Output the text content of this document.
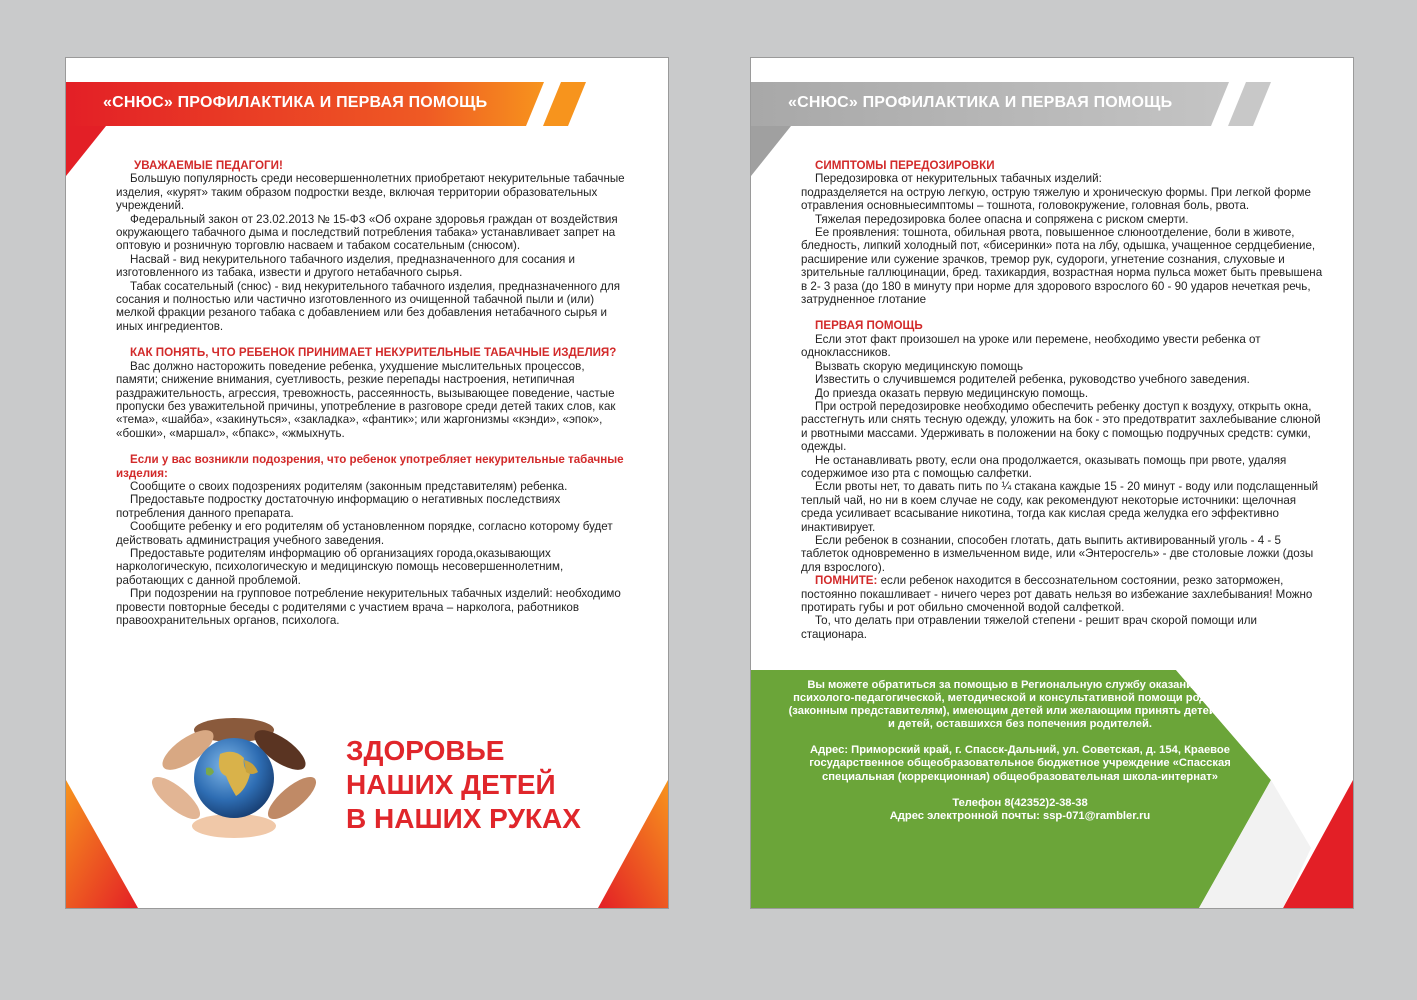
«СНЮС» ПРОФИЛАКТИКА И ПЕРВАЯ ПОМОЩЬ

УВАЖАЕМЫЕ ПЕДАГОГИ!

Большую популярность среди несовершеннолетних приобретают некурительные табачные изделия, «курят» таким образом подростки везде, включая территории образовательных учреждений.

Федеральный закон от 23.02.2013 № 15-ФЗ «Об охране здоровья граждан от воздействия окружающего табачного дыма и последствий потребления табака» устанавливает запрет на оптовую и розничную торговлю насваем и табаком сосательным (снюсом).

Насвай - вид некурительного табачного изделия, предназначенного для сосания и изготовленного из табака, извести и другого нетабачного сырья.

Табак сосательный (снюс) - вид некурительного табачного изделия, предназначенного для сосания и полностью или частично изготовленного из очищенной табачной пыли и (или) мелкой фракции резаного табака с добавлением или без добавления нетабачного сырья и иных ингредиентов.

КАК ПОНЯТЬ, ЧТО РЕБЕНОК ПРИНИМАЕТ НЕКУРИТЕЛЬНЫЕ ТАБАЧНЫЕ ИЗДЕЛИЯ?

Вас должно насторожить поведение ребенка, ухудшение мыслительных процессов, памяти; снижение внимания, суетливость, резкие перепады настроения, нетипичная раздражительность, агрессия, тревожность, рассеянность, вызывающее поведение, частые пропуски без уважительной причины, употребление в разговоре среди детей таких слов, как «тема», «шайба», «закинуться», «закладка», «фантик»; или жаргонизмы «кэнди», «эпок», «бошки», «маршал», «бпакс», «жмыхнуть.

Если у вас возникли подозрения, что ребенок употребляет некурительные табачные изделия:

Сообщите о своих подозрениях родителям (законным представителям) ребенка.

Предоставьте подростку достаточную информацию о негативных последствиях потребления данного препарата.

Сообщите ребенку и его родителям об установленном порядке, согласно которому будет действовать администрация учебного заведения.

Предоставьте родителям информацию об организациях города,оказывающих наркологическую, психологическую и медицинскую помощь несовершеннолетним, работающих с данной проблемой.

При подозрении на групповое потребление некурительных табачных изделий: необходимо провести повторные беседы с родителями с участием врача – нарколога, работников правоохранительных органов, психолога.

ЗДОРОВЬЕ
НАШИХ ДЕТЕЙ
В НАШИХ РУКАХ
«СНЮС» ПРОФИЛАКТИКА И ПЕРВАЯ ПОМОЩЬ

СИМПТОМЫ ПЕРЕДОЗИРОВКИ

Передозировка от некурительных табачных изделий:

подразделяется на острую легкую, острую тяжелую и хроническую формы. При легкой форме отравления основныесимптомы – тошнота, головокружение, головная боль, рвота.

Тяжелая передозировка более опасна и сопряжена с риском смерти.

Ее проявления: тошнота, обильная рвота, повышенное слюноотделение, боли в животе, бледность, липкий холодный пот, «бисеринки» пота на лбу, одышка, учащенное сердцебиение, расширение или сужение зрачков, тремор рук, судороги, угнетение сознания, слуховые и зрительные галлюцинации, бред. тахикардия, возрастная норма пульса может быть превышена в 2- 3 раза (до 180 в минуту при норме для здорового взрослого 60 - 90 ударов нечеткая речь, затрудненное глотание

ПЕРВАЯ ПОМОЩЬ

Если этот факт произошел на уроке или перемене, необходимо увести ребенка от одноклассников.

Вызвать скорую медицинскую помощь

Известить о случившемся родителей ребенка, руководство учебного заведения.

До приезда оказать первую медицинскую помощь.

При острой передозировке необходимо обеспечить ребенку доступ к воздуху, открыть окна, расстегнуть или снять тесную одежду, уложить на бок - это предотвратит захлебывание слюной и рвотными массами. Удерживать в положении на боку с помощью подручных средств: сумки, одежды.

Не останавливать рвоту, если она продолжается, оказывать помощь при рвоте, удаляя содержимое изо рта с помощью салфетки.

Если рвоты нет, то давать пить по ¼ стакана каждые 15 - 20 минут - воду или подслащенный теплый чай, но ни в коем случае не соду, как рекомендуют некоторые источники: щелочная среда усиливает всасывание никотина, тогда как кислая среда желудка его эффективно инактивирует.

Если ребенок в сознании, способен глотать, дать выпить активированный уголь - 4 - 5 таблеток одновременно в измельченном виде, или «Энтеросгель» - две столовые ложки (дозы для взрослого).

ПОМНИТЕ: если ребенок находится в бессознательном состоянии, резко заторможен, постоянно покашливает - ничего через рот давать нельзя во избежание захлебывания! Можно протирать губы и рот обильно смоченной водой салфеткой.

То, что делать при отравлении тяжелой степени - решит врач скорой помощи или стационара.

Вы можете обратиться за помощью в Региональную службу оказания услуг психолого-педагогической, методической и консультативной помощи родителям (законным представителям), имеющим детей или желающим принять детей-сирот и детей, оставшихся без попечения родителей.

Адрес: Приморский край, г. Спасск-Дальний, ул. Советская, д. 154, Краевое государственное общеобразовательное бюджетное учреждение «Спасская специальная (коррекционная) общеобразовательная школа-интернат»

Телефон 8(42352)2-38-38

Адрес электронной почты: ssp-071@rambler.ru
